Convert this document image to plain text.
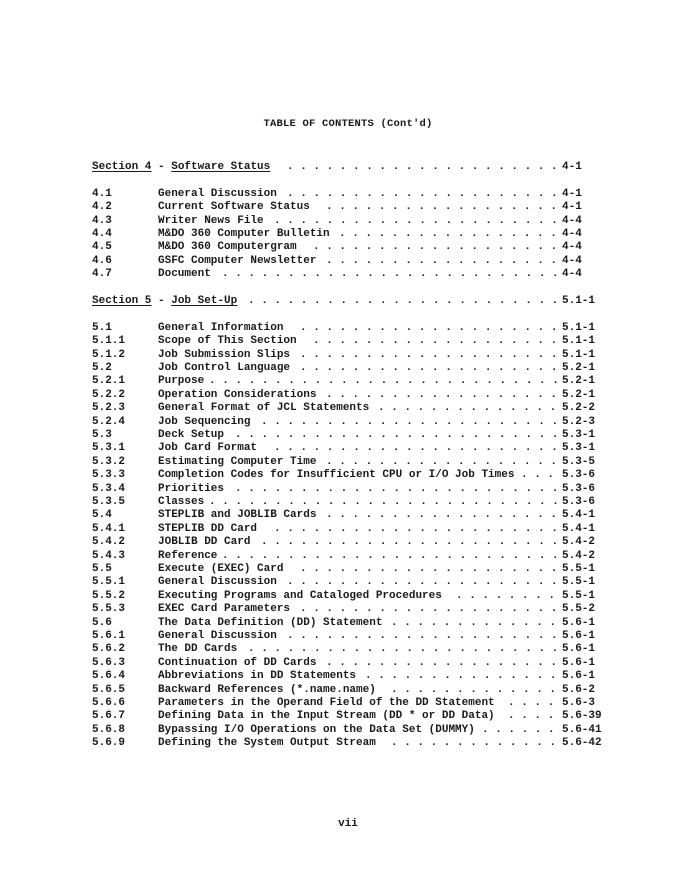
TABLE OF CONTENTS (Cont'd)
Section 4 - Software Status . . . . . . . . . . . . . . . . . . . . . 4-1
4.1	General Discussion . . . . . . . . . . . . . . . . . . . . . 4-1
4.2	Current Software Status . . . . . . . . . . . . . . . . . . 4-1
4.3	Writer News File . . . . . . . . . . . . . . . . . . . . . . 4-4
4.4	M&DO 360 Computer Bulletin . . . . . . . . . . . . . . . . . 4-4
4.5	M&DO 360 Computergram . . . . . . . . . . . . . . . . . . . 4-4
4.6	GSFC Computer Newsletter . . . . . . . . . . . . . . . . . . 4-4
4.7	Document . . . . . . . . . . . . . . . . . . . . . . . . . . 4-4
Section 5 - Job Set-Up . . . . . . . . . . . . . . . . . . . . . . . . 5.1-1
5.1	General Information . . . . . . . . . . . . . . . . . . . . 5.1-1
5.1.1	Scope of This Section . . . . . . . . . . . . . . . . . . . 5.1-1
5.1.2	Job Submission Slips . . . . . . . . . . . . . . . . . . . . 5.1-1
5.2	Job Control Language . . . . . . . . . . . . . . . . . . . . 5.2-1
5.2.1	Purpose . . . . . . . . . . . . . . . . . . . . . . . . . . . 5.2-1
5.2.2	Operation Considerations . . . . . . . . . . . . . . . . . . 5.2-1
5.2.3	General Format of JCL Statements . . . . . . . . . . . . . . 5.2-2
5.2.4	Job Sequencing . . . . . . . . . . . . . . . . . . . . . . . 5.2-3
5.3	Deck Setup . . . . . . . . . . . . . . . . . . . . . . . . . 5.3-1
5.3.1	Job Card Format . . . . . . . . . . . . . . . . . . . . . . 5.3-1
5.3.2	Estimating Computer Time . . . . . . . . . . . . . . . . . . 5.3-5
5.3.3	Completion Codes for Insufficient CPU or I/O Job Times . . . 5.3-6
5.3.4	Priorities . . . . . . . . . . . . . . . . . . . . . . . . . 5.3-6
5.3.5	Classes . . . . . . . . . . . . . . . . . . . . . . . . . . . 5.3-6
5.4	STEPLIB and JOBLIB Cards . . . . . . . . . . . . . . . . . . 5.4-1
5.4.1	STEPLIB DD Card . . . . . . . . . . . . . . . . . . . . . . 5.4-1
5.4.2	JOBLIB DD Card . . . . . . . . . . . . . . . . . . . . . . . 5.4-2
5.4.3	Reference . . . . . . . . . . . . . . . . . . . . . . . . . . 5.4-2
5.5	Execute (EXEC) Card . . . . . . . . . . . . . . . . . . . . 5.5-1
5.5.1	General Discussion . . . . . . . . . . . . . . . . . . . . . 5.5-1
5.5.2	Executing Programs and Cataloged Procedures . . . . . . . . 5.5-1
5.5.3	EXEC Card Parameters . . . . . . . . . . . . . . . . . . . . 5.5-2
5.6	The Data Definition (DD) Statement . . . . . . . . . . . . . 5.6-1
5.6.1	General Discussion . . . . . . . . . . . . . . . . . . . . . 5.6-1
5.6.2	The DD Cards . . . . . . . . . . . . . . . . . . . . . . . . 5.6-1
5.6.3	Continuation of DD Cards . . . . . . . . . . . . . . . . . . 5.6-1
5.6.4	Abbreviations in DD Statements . . . . . . . . . . . . . . . 5.6-1
5.6.5	Backward References (*.name.name) . . . . . . . . . . . . . 5.6-2
5.6.6	Parameters in the Operand Field of the DD Statement . . . . 5.6-3
5.6.7	Defining Data in the Input Stream (DD * or DD Data) . . . . 5.6-39
5.6.8	Bypassing I/O Operations on the Data Set (DUMMY) . . . . . . 5.6-41
5.6.9	Defining the System Output Stream . . . . . . . . . . . . . 5.6-42
vii
